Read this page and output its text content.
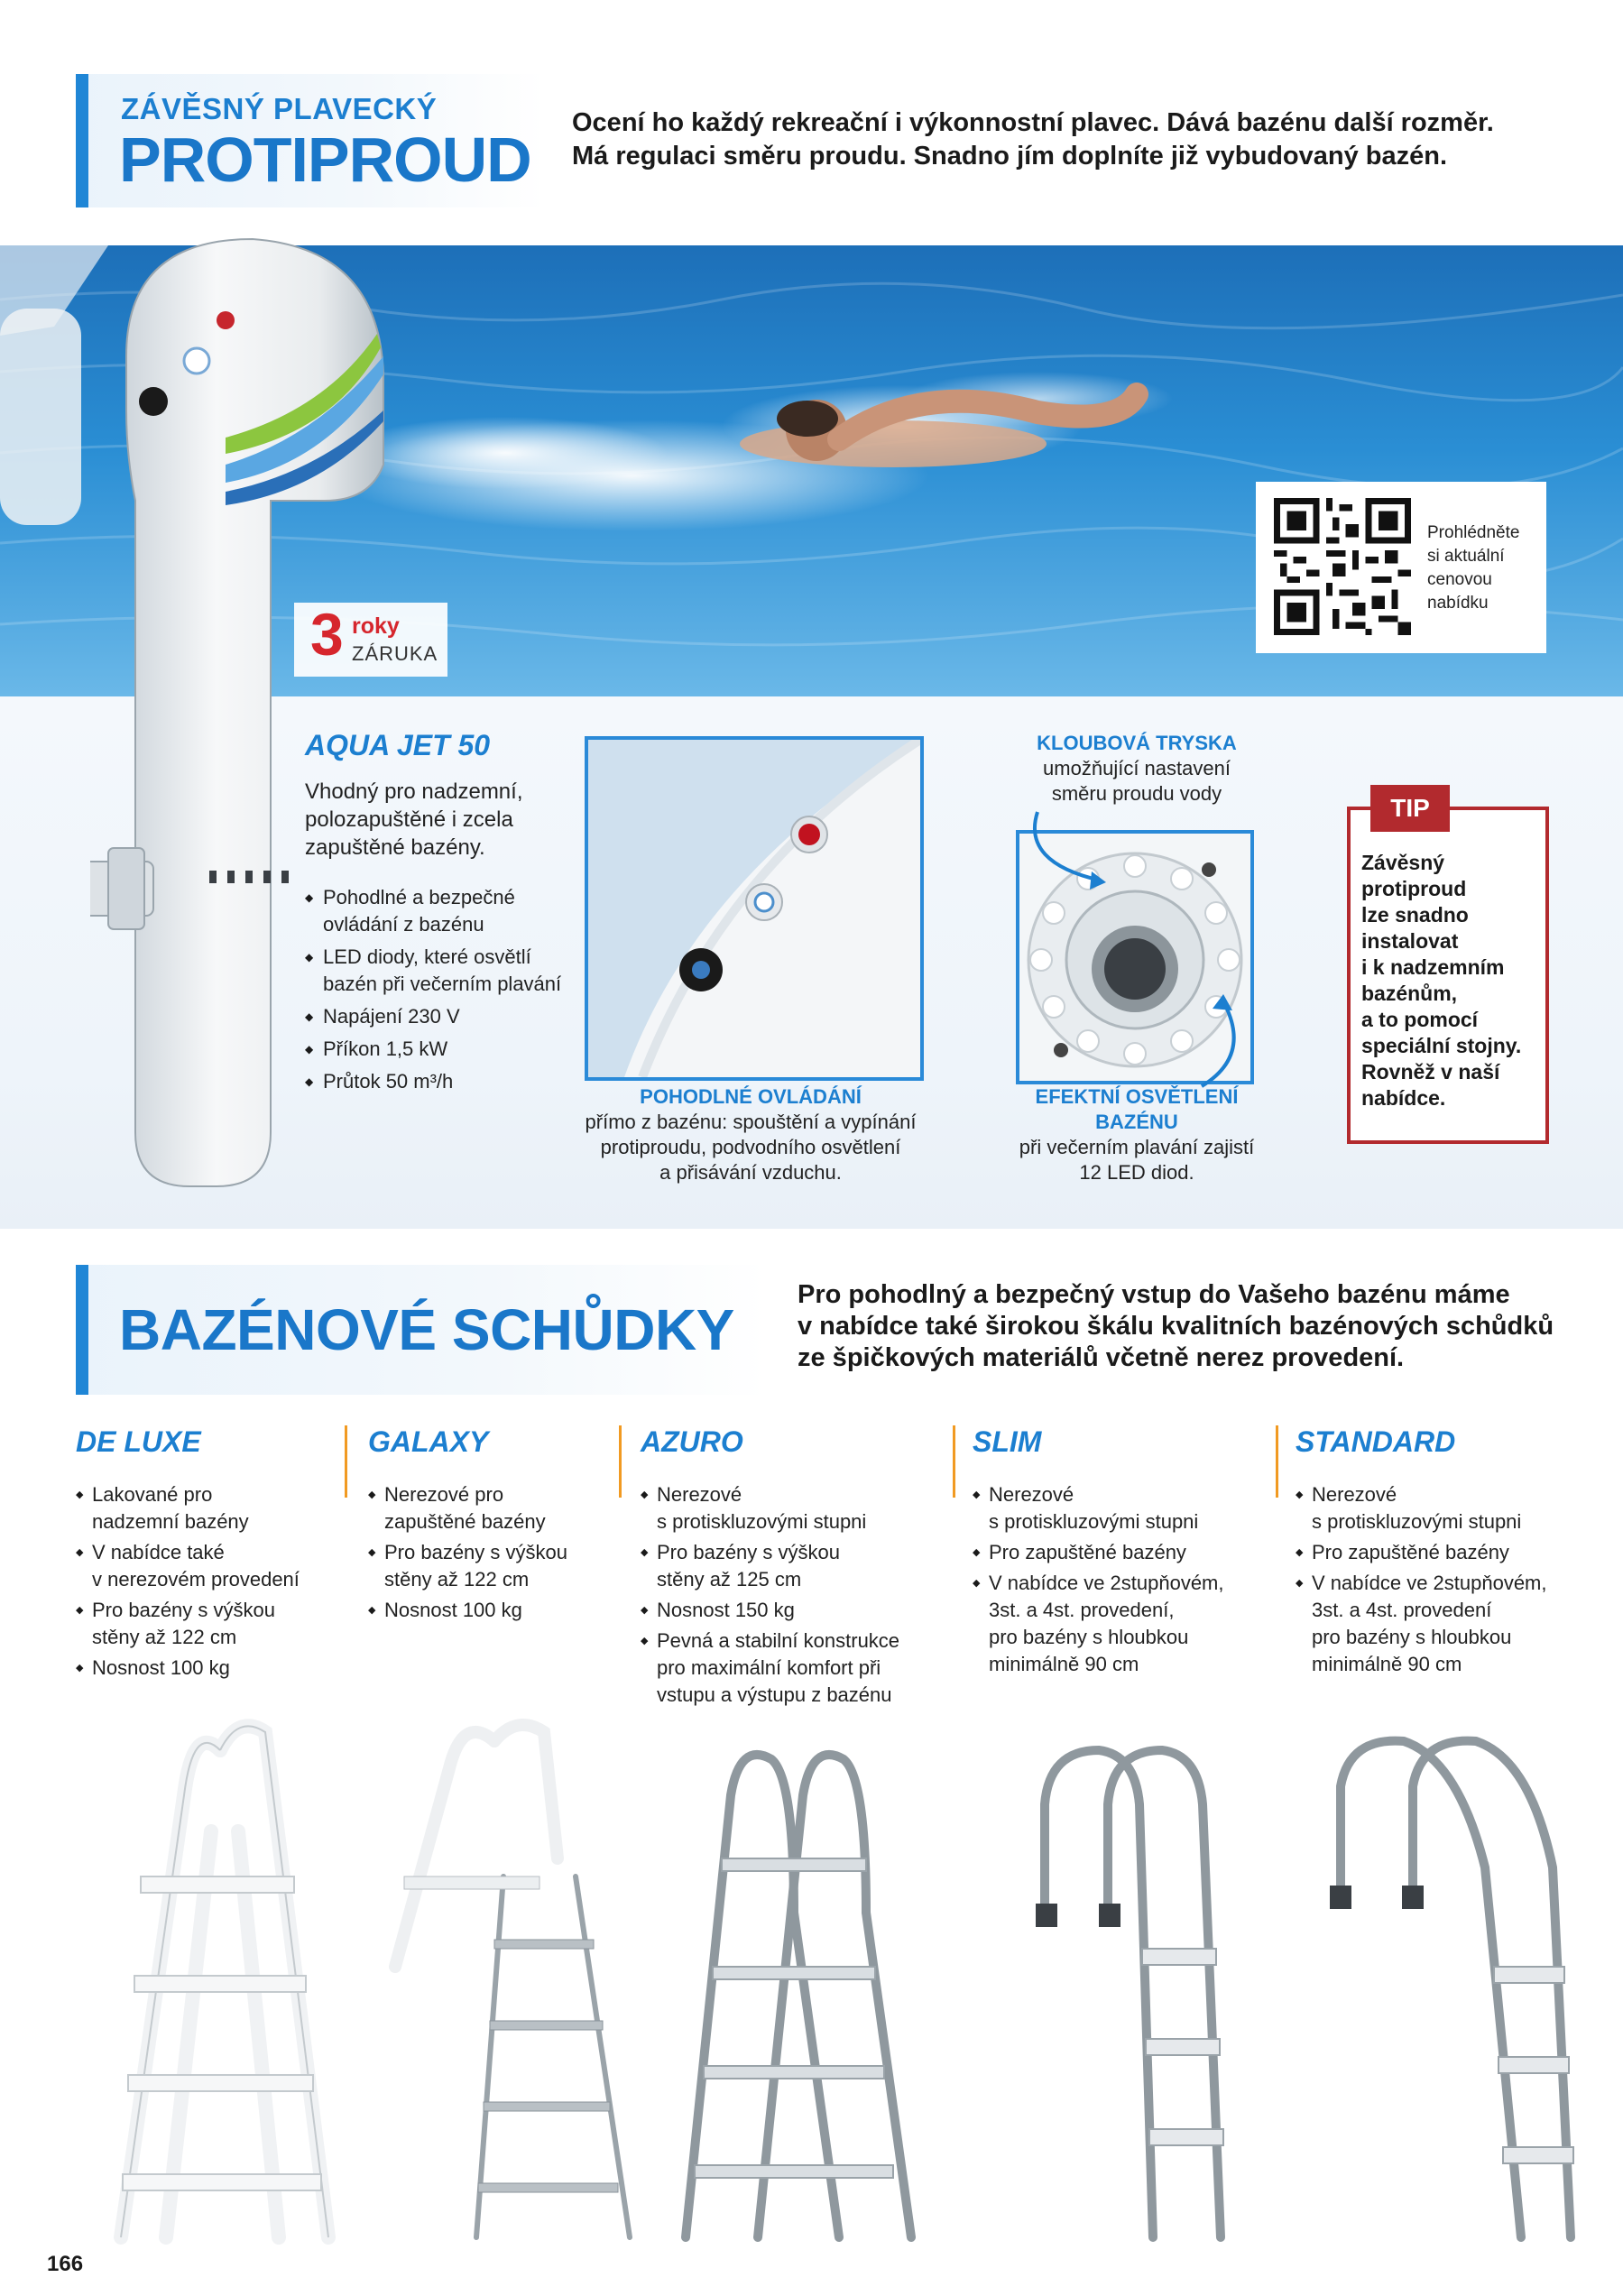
ZÁVĚSNÝ PLAVECKÝ
PROTIPROUD
Ocení ho každý rekreační i výkonnostní plavec. Dává bazénu další rozměr.
Má regulaci směru proudu. Snadno jím doplníte již vybudovaný bazén.
3 roky
ZÁRUKA
Prohlédněte
si aktuální
cenovou
nabídku
AQUA JET 50
Vhodný pro nadzemní,
polozapuštěné i zcela
zapuštěné bazény.
◆ Pohodlné a bezpečné ovládání z bazénu
◆ LED diody, které osvětlí bazén při večerním plavání
◆ Napájení 230 V
◆ Příkon 1,5 kW
◆ Průtok 50 m³/h
POHODLNÉ OVLÁDÁNÍ
přímo z bazénu: spouštění a vypínání
protiproudu, podvodního osvětlení
a přisávání vzduchu.
KLOUBOVÁ TRYSKA
umožňující nastavení
směru proudu vody
EFEKTNÍ OSVĚTLENÍ
BAZÉNU
při večerním plavání zajistí
12 LED diod.
TIP
Závěsný
protiproud
lze snadno
instalovat
i k nadzemním
bazénům,
a to pomocí
speciální stojny.
Rovněž v naší
nabídce.
BAZÉNOVÉ SCHŮDKY
Pro pohodlný a bezpečný vstup do Vašeho bazénu máme
v nabídce také širokou škálu kvalitních bazénových schůdků
ze špičkových materiálů včetně nerez provedení.
DE LUXE
◆ Lakované pro
nadzemní bazény
◆ V nabídce také
v nerezovém provedení
◆ Pro bazény s výškou
stěny až 122 cm
◆ Nosnost 100 kg
GALAXY
◆ Nerezové pro
zapuštěné bazény
◆ Pro bazény s výškou
stěny až 122 cm
◆ Nosnost 100 kg
AZURO
◆ Nerezové
s protiskluzovými stupni
◆ Pro bazény s výškou
stěny až 125 cm
◆ Nosnost 150 kg
◆ Pevná a stabilní konstrukce
pro maximální komfort při
vstupu a výstupu z bazénu
SLIM
◆ Nerezové
s protiskluzovými stupni
◆ Pro zapuštěné bazény
◆ V nabídce ve 2stupňovém,
3st. a 4st. provedení,
pro bazény s hloubkou
minimálně 90 cm
STANDARD
◆ Nerezové
s protiskluzovými stupni
◆ Pro zapuštěné bazény
◆ V nabídce ve 2stupňovém,
3st. a 4st. provedení
pro bazény s hloubkou
minimálně 90 cm
166
